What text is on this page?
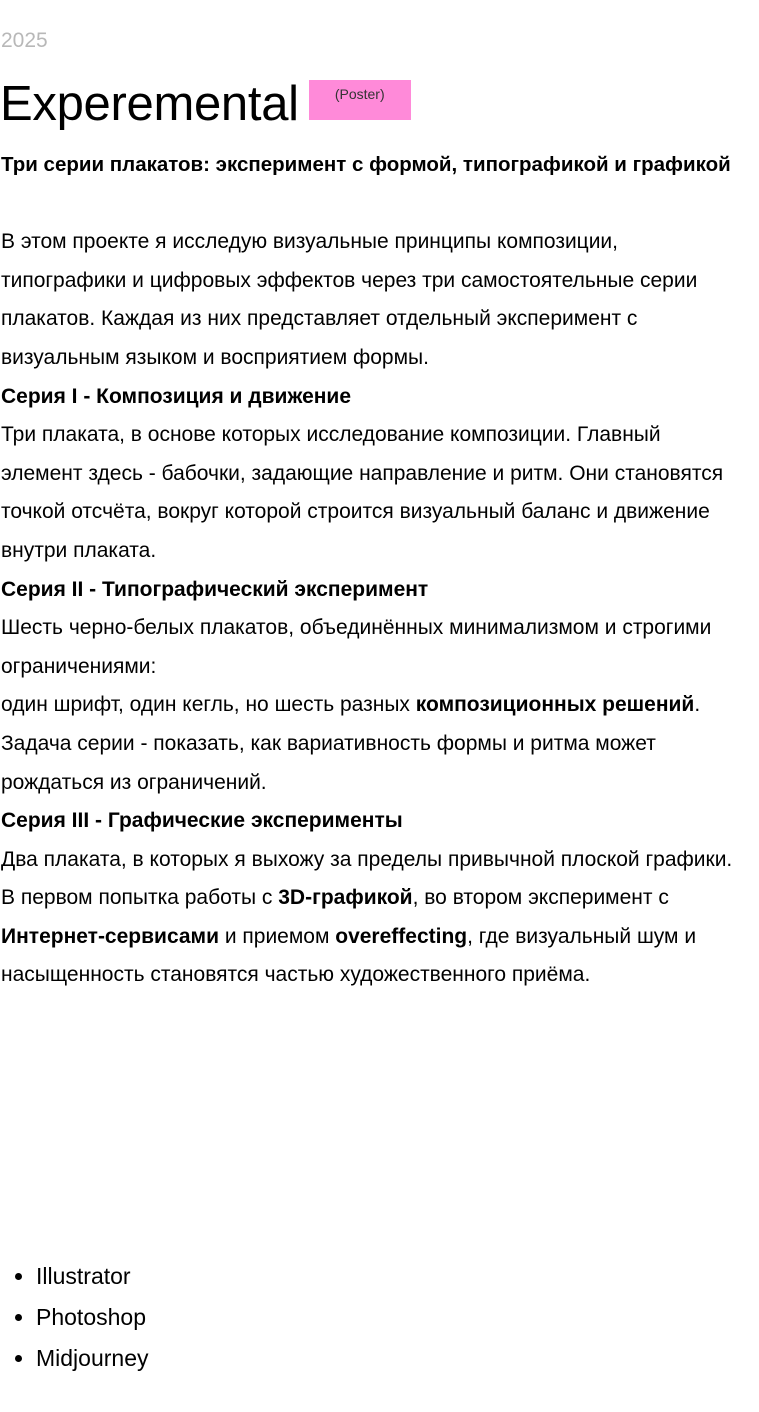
2025
Experemental	(Poster)

Три серии плакатов: эксперимент с формой, типографикой и графикой

В этом проекте я исследую визуальные принципы композиции, типографики и цифровых эффектов через три самостоятельные серии плакатов. Каждая из них представляет отдельный эксперимент с визуальным языком и восприятием формы.

Серия I - Композиция и движение

Три плаката, в основе которых исследование композиции. Главный элемент здесь - бабочки, задающие направление и ритм. Они становятся точкой отсчёта, вокруг которой строится визуальный баланс и движение внутри плаката.

Серия II - Типографический эксперимент

Шесть черно-белых плакатов, объединённых минимализмом и строгими ограничениями:

один шрифт, один кегль, но шесть разных композиционных решений.

Задача серии - показать, как вариативность формы и ритма может рождаться из ограничений.

Серия III - Графические эксперименты

Два плаката, в которых я выхожу за пределы привычной плоской графики.

В первом попытка работы с 3D-графикой, во втором эксперимент с Интернет-сервисами и приемом overeffecting, где визуальный шум и насыщенность становятся частью художественного приёма.

• Illustrator
• Photoshop
• Midjourney
